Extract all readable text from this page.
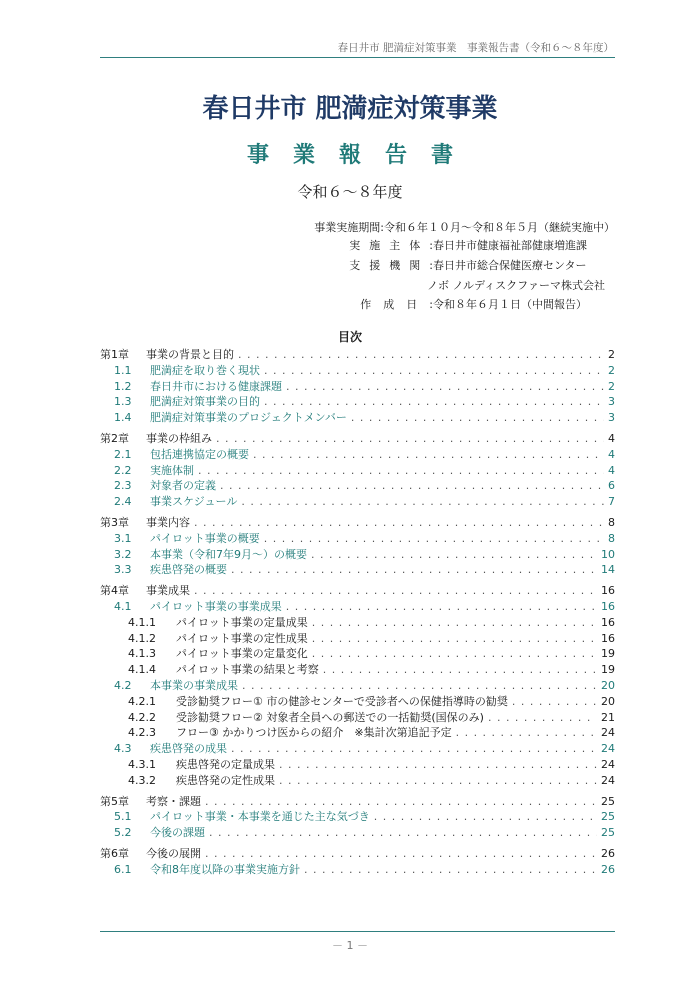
春日井市 肥満症対策事業　事業報告書（令和６～８年度）
春日井市 肥満症対策事業
事業報告書
令和６～８年度
事業実施期間:令和６年１０月～令和８年５月（継続実施中）
実施主体:春日井市健康福祉部健康増進課
支援機関:春日井市総合保健医療センター
ノボ ノルディスクファーマ株式会社
作成日:令和８年６月１日（中間報告）
目次
第1章	事業の背景と目的 . . .	2
1.1	肥満症を取り巻く現状 . . .	2
1.2	春日井市における健康課題 . . .	2
1.3	肥満症対策事業の目的 . . .	3
1.4	肥満症対策事業のプロジェクトメンバー . . .	3
第2章	事業の枠組み . . .	4
2.1	包括連携協定の概要 . . .	4
2.2	実施体制 . . .	4
2.3	対象者の定義 . . .	6
2.4	事業スケジュール . . .	7
第3章	事業内容 . . .	8
3.1	パイロット事業の概要 . . .	8
3.2	本事業（令和7年9月～）の概要 . . .	10
3.3	疾患啓発の概要 . . .	14
第4章	事業成果 . . .	16
4.1	パイロット事業の事業成果 . . .	16
4.1.1	パイロット事業の定量成果 . . .	16
4.1.2	パイロット事業の定性成果 . . .	16
4.1.3	パイロット事業の定量変化 . . .	19
4.1.4	パイロット事業の結果と考察 . . .	19
4.2	本事業の事業成果 . . .	20
4.2.1	受診勧奨フロー① 市の健診センターで受診者への保健指導時の勧奨 . . .	20
4.2.2	受診勧奨フロー② 対象者全員への郵送での一括勧奨(国保のみ) . . .	21
4.2.3	フロー③ かかりつけ医からの紹介　※集計次第追記予定 . . .	24
4.3	疾患啓発の成果 . . .	24
4.3.1	疾患啓発の定量成果 . . .	24
4.3.2	疾患啓発の定性成果 . . .	24
第5章	考察・課題 . . .	25
5.1	パイロット事業・本事業を通じた主な気づき . . .	25
5.2	今後の課題 . . .	25
第6章	今後の展開 . . .	26
6.1	令和8年度以降の事業実施方針 . . .	26
－ 1 －
